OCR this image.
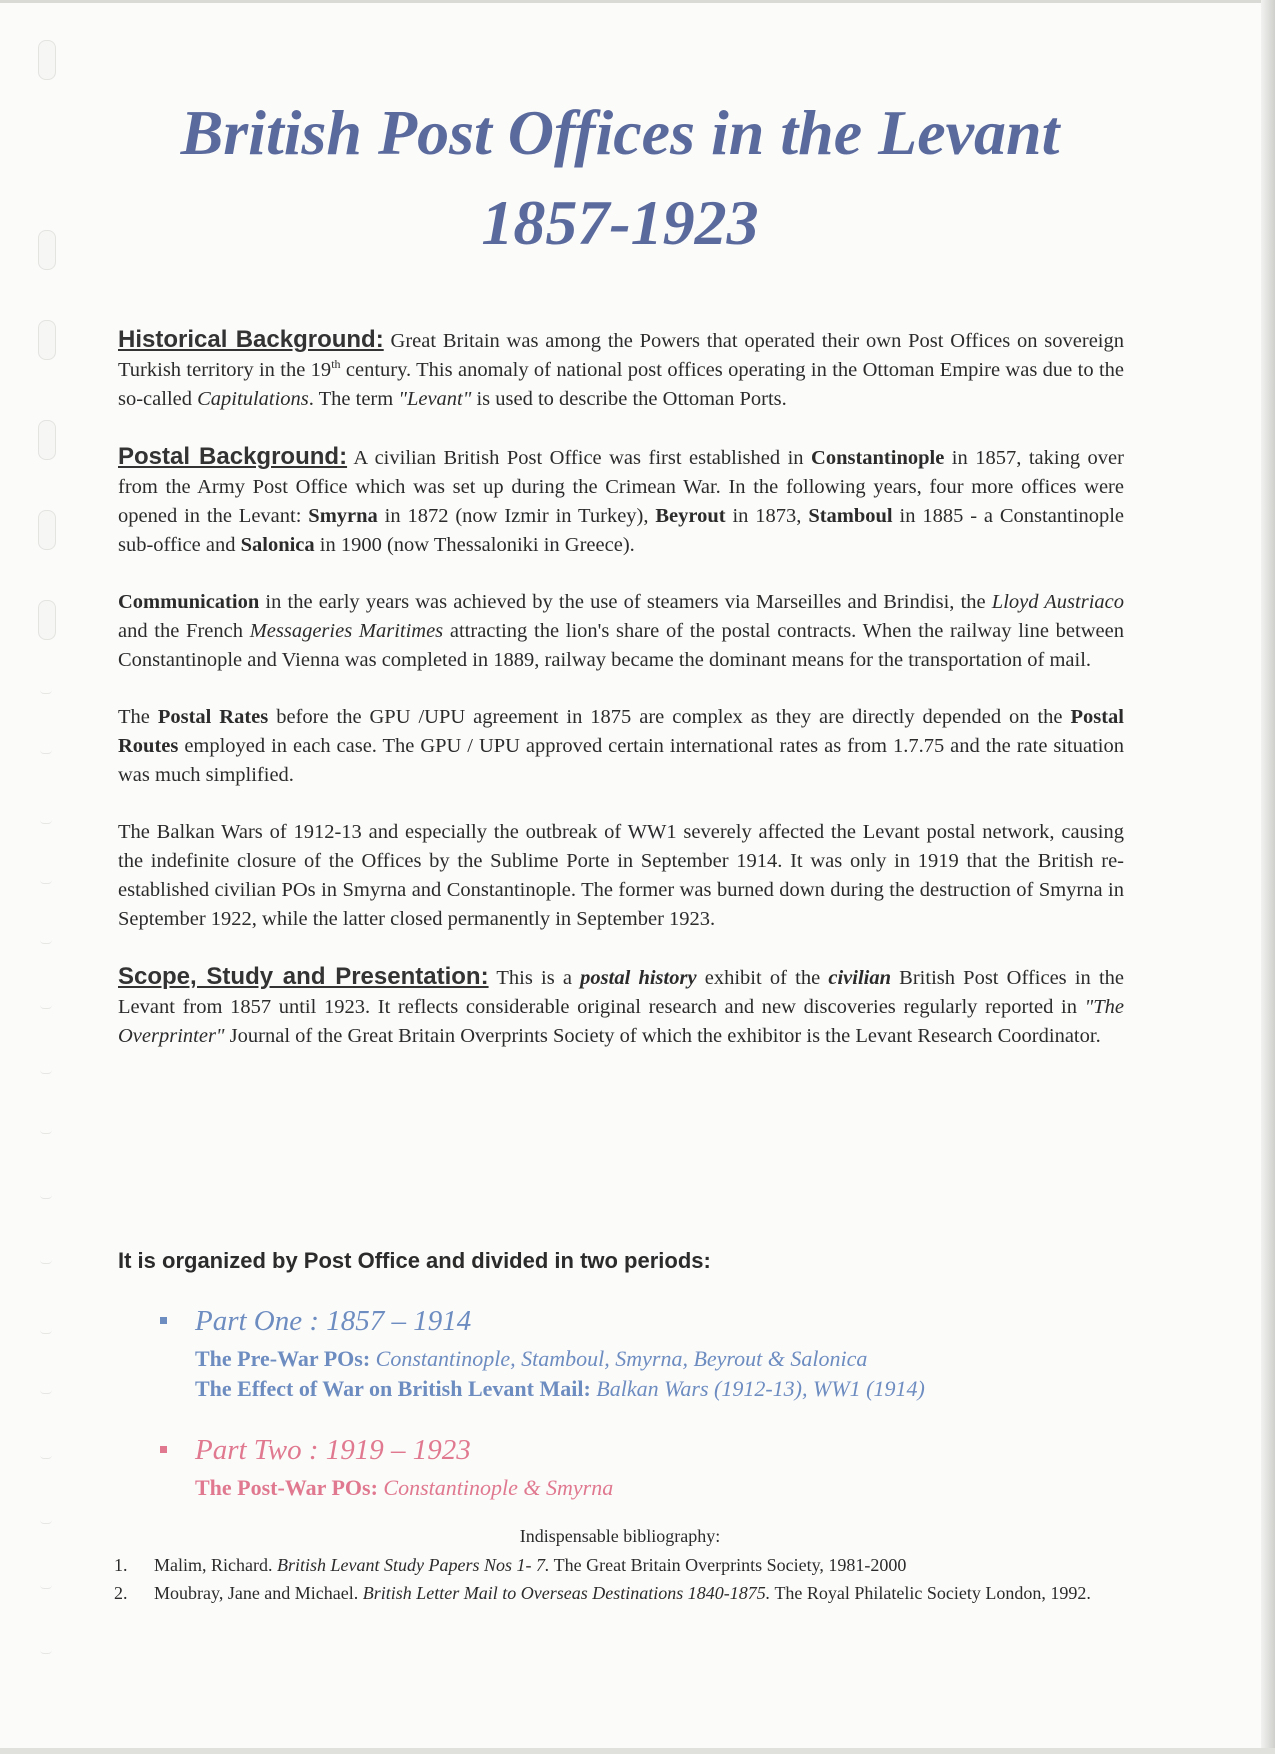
British Post Offices in the Levant
1857-1923

Historical Background: Great Britain was among the Powers that operated their own Post Offices on sovereign Turkish territory in the 19th century. This anomaly of national post offices operating in the Ottoman Empire was due to the so-called Capitulations. The term "Levant" is used to describe the Ottoman Ports.

Postal Background: A civilian British Post Office was first established in Constantinople in 1857, taking over from the Army Post Office which was set up during the Crimean War. In the following years, four more offices were opened in the Levant: Smyrna in 1872 (now Izmir in Turkey), Beyrout in 1873, Stamboul in 1885 - a Constantinople sub-office and Salonica in 1900 (now Thessaloniki in Greece).

Communication in the early years was achieved by the use of steamers via Marseilles and Brindisi, the Lloyd Austriaco and the French Messageries Maritimes attracting the lion's share of the postal contracts. When the railway line between Constantinople and Vienna was completed in 1889, railway became the dominant means for the transportation of mail.

The Postal Rates before the GPU /UPU agreement in 1875 are complex as they are directly depended on the Postal Routes employed in each case. The GPU / UPU approved certain international rates as from 1.7.75 and the rate situation was much simplified.

The Balkan Wars of 1912-13 and especially the outbreak of WW1 severely affected the Levant postal network, causing the indefinite closure of the Offices by the Sublime Porte in September 1914. It was only in 1919 that the British re-established civilian POs in Smyrna and Constantinople. The former was burned down during the destruction of Smyrna in September 1922, while the latter closed permanently in September 1923.

Scope, Study and Presentation: This is a postal history exhibit of the civilian British Post Offices in the Levant from 1857 until 1923. It reflects considerable original research and new discoveries regularly reported in "The Overprinter" Journal of the Great Britain Overprints Society of which the exhibitor is the Levant Research Coordinator.

It is organized by Post Office and divided in two periods:
Part One : 1857 – 1914
The Pre-War POs: Constantinople, Stamboul, Smyrna, Beyrout & Salonica
The Effect of War on British Levant Mail: Balkan Wars (1912-13), WW1 (1914)
Part Two : 1919 – 1923
The Post-War POs: Constantinople & Smyrna
Indispensable bibliography:
1. Malim, Richard. British Levant Study Papers Nos 1- 7. The Great Britain Overprints Society, 1981-2000
2. Moubray, Jane and Michael. British Letter Mail to Overseas Destinations 1840-1875. The Royal Philatelic Society London, 1992.
